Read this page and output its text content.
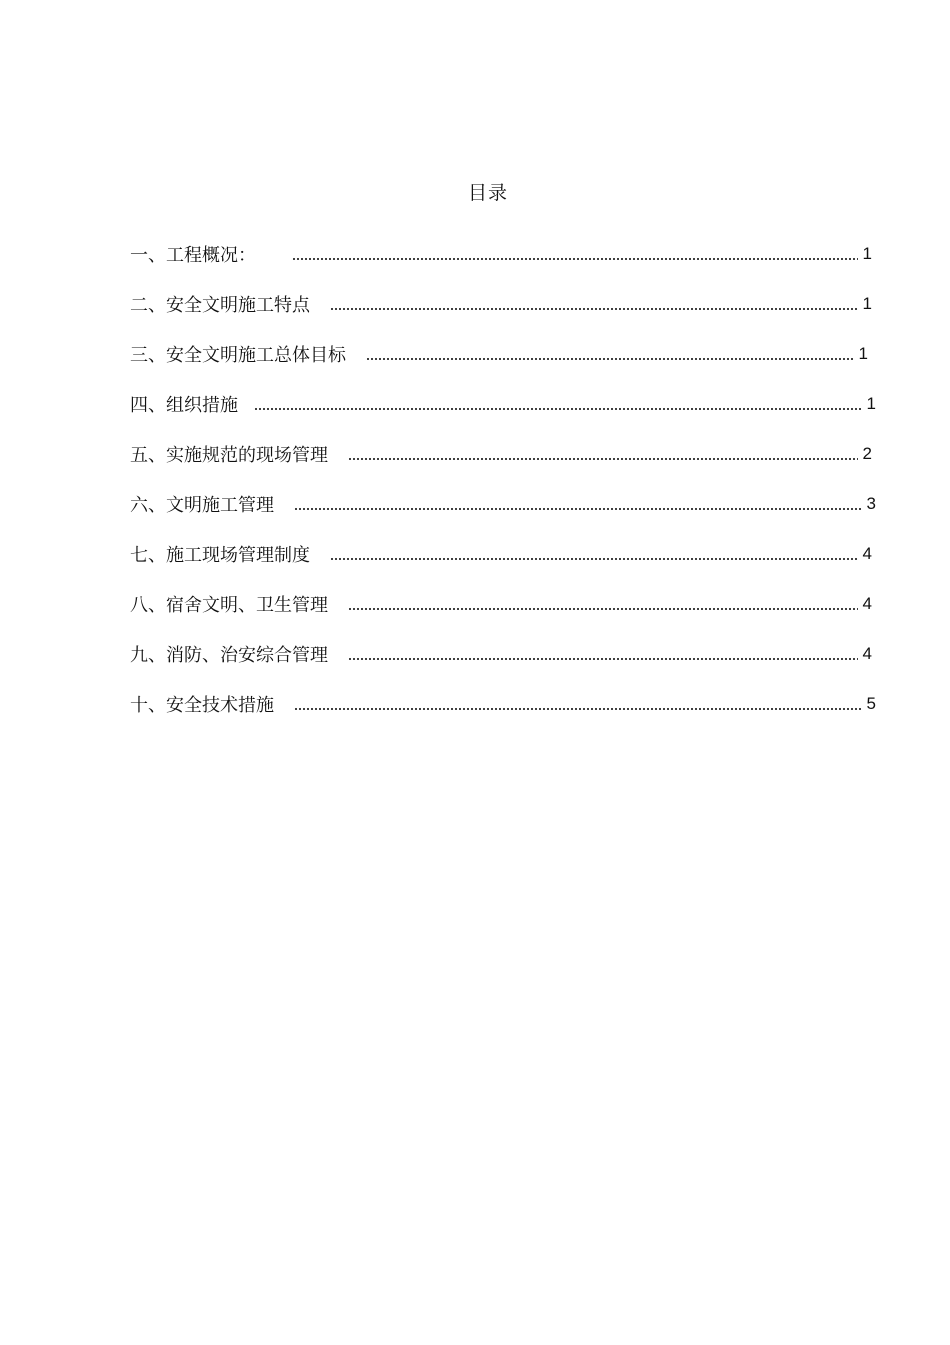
目录
一、工程概况：	1
二、安全文明施工特点	1
三、安全文明施工总体目标	1
四、组织措施	1
五、实施规范的现场管理	2
六、文明施工管理	3
七、施工现场管理制度	4
八、宿舍文明、卫生管理	4
九、消防、治安综合管理	4
十、安全技术措施	5
